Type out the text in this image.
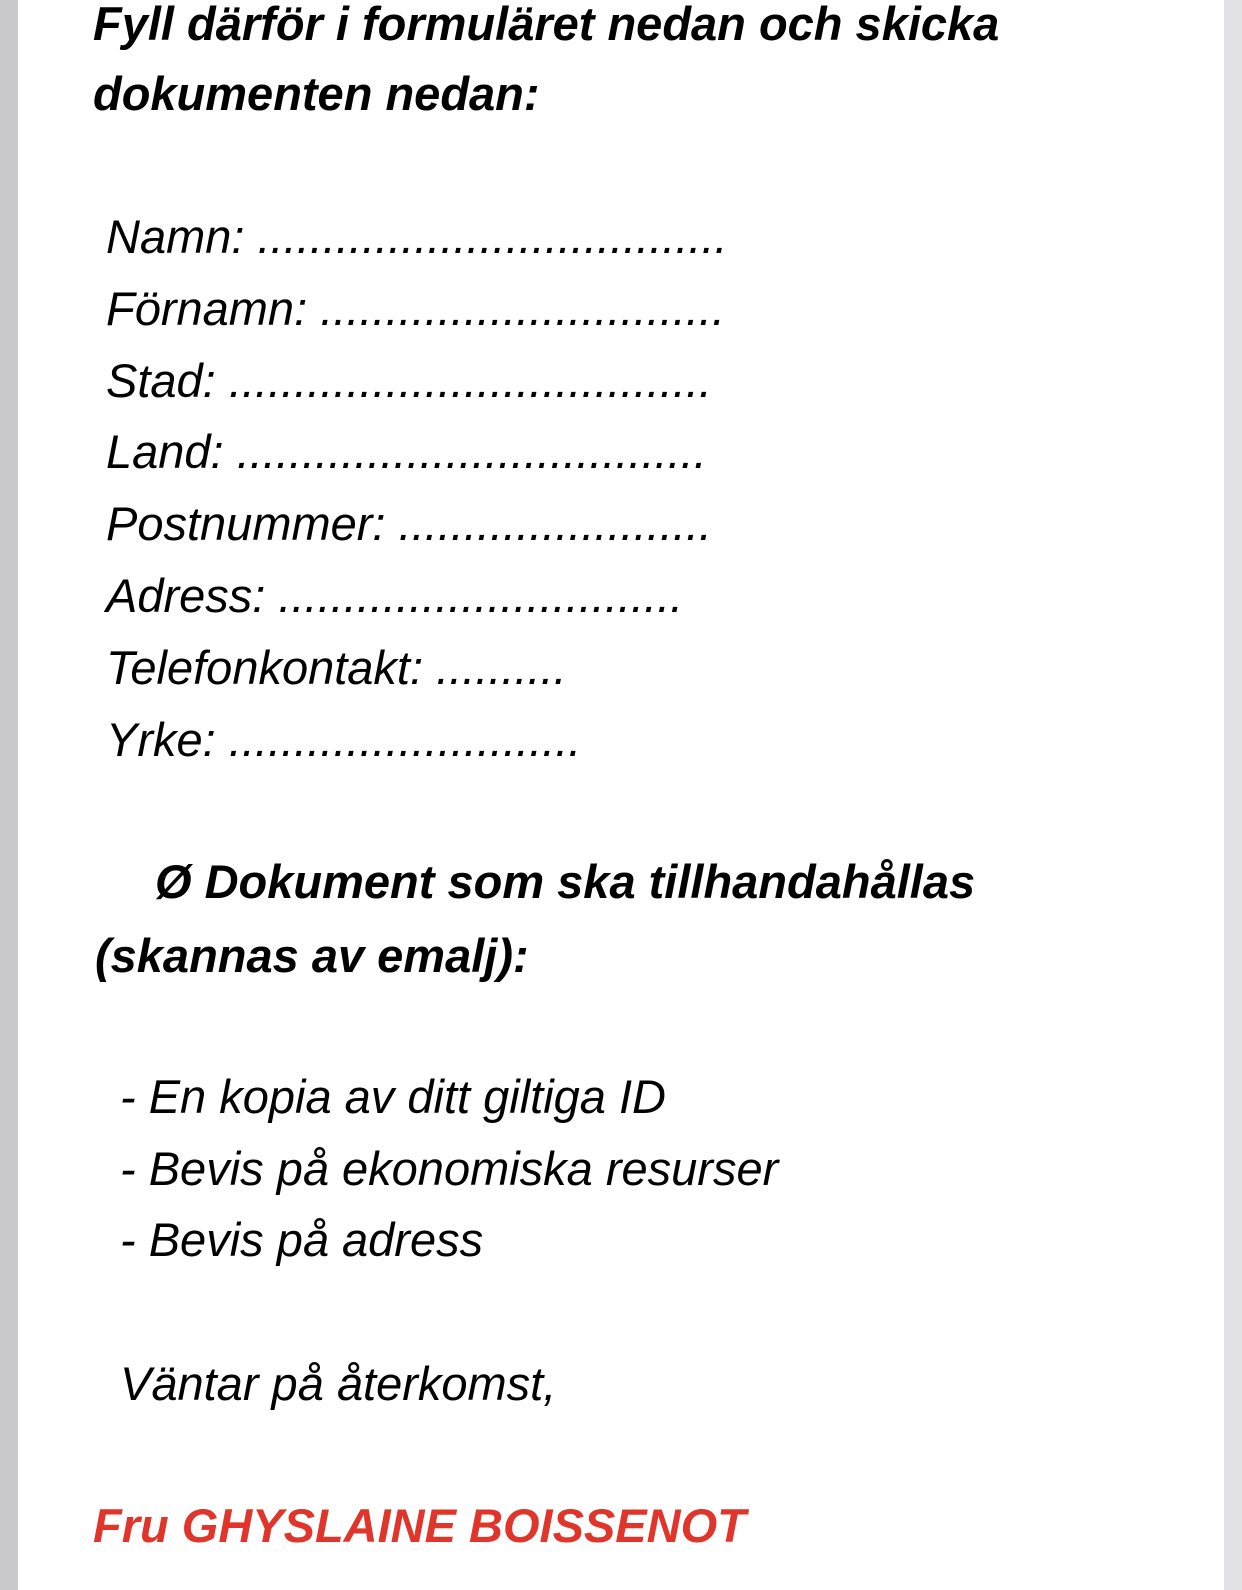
Fyll därför i formuläret nedan och skicka

dokumenten nedan:

Namn: ....................................

Förnamn: ...............................

Stad: .....................................

Land: ....................................

Postnummer: ........................

Adress: ...............................

Telefonkontakt: ..........

Yrke: ...........................

Ø Dokument som ska tillhandahållas

(skannas av emalj):

- En kopia av ditt giltiga ID

- Bevis på ekonomiska resurser

- Bevis på adress

Väntar på återkomst,

Fru GHYSLAINE BOISSENOT
